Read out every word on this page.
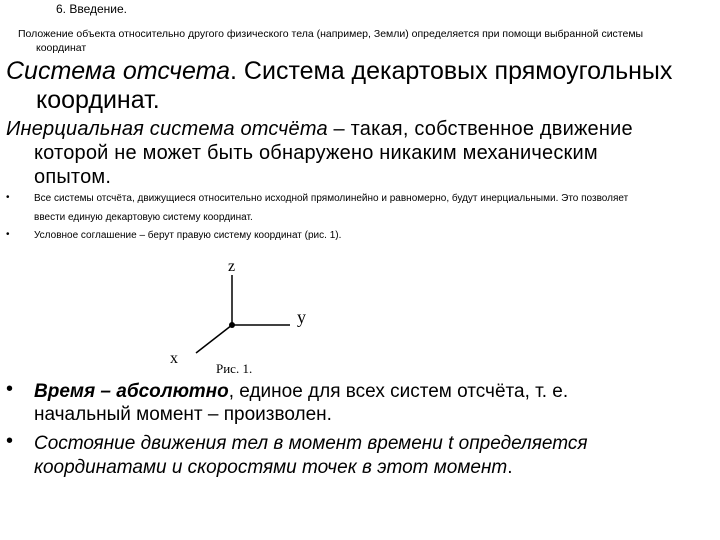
6. Введение.
Положение объекта относительно другого физического тела (например, Земли) определяется при помощи выбранной системы
координат
Система отсчета. Система декартовых прямоугольных
координат.
Инерциальная система отсчёта – такая, собственное движение
которой не может быть обнаружено никаким механическим
опытом.
• Все системы отсчёта, движущиеся относительно исходной прямолинейно и равномерно, будут инерциальными. Это позволяет
ввести единую декартовую систему координат.
• Условное соглашение – берут правую систему координат (рис. 1).
z
y
x
Рис. 1.
• Время – абсолютно, единое для всех систем отсчёта, т. е.
начальный момент – произволен.
• Состояние движения тел в момент времени t определяется
координатами и скоростями точек в этот момент.
